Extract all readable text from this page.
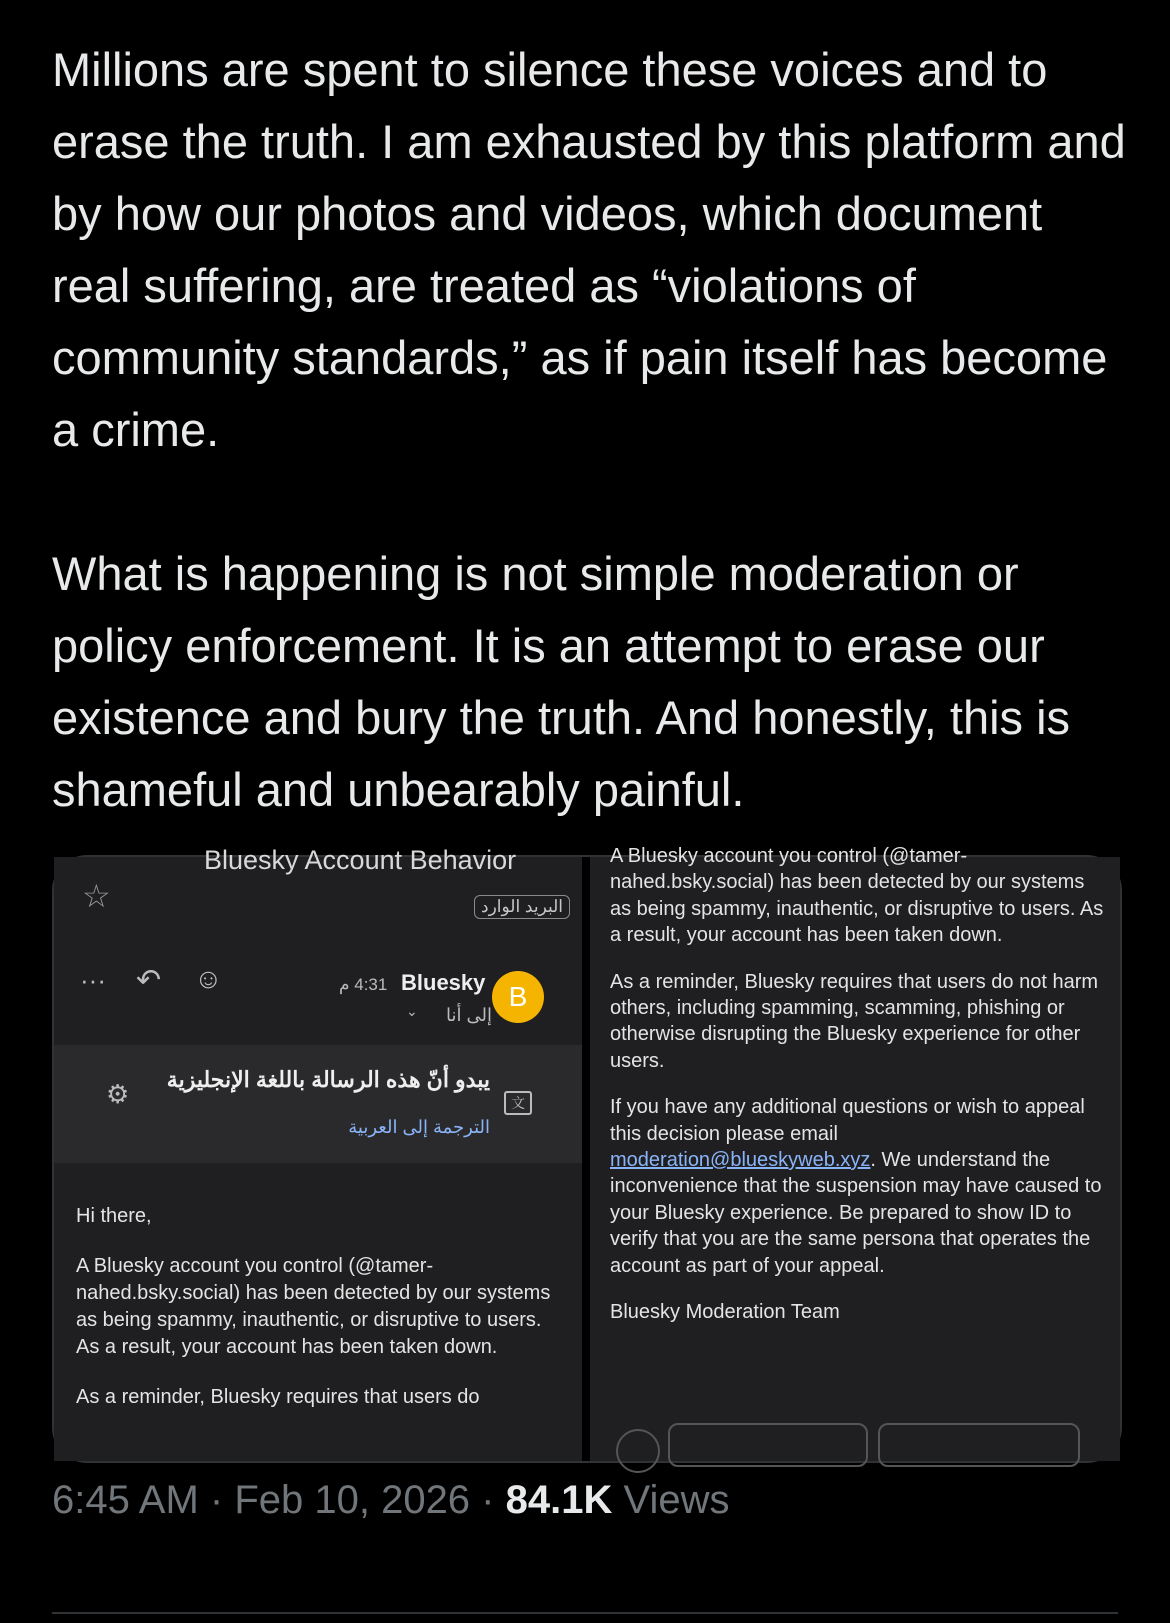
Millions are spent to silence these voices and to erase the truth. I am exhausted by this platform and by how our photos and videos, which document real suffering, are treated as “violations of community standards,” as if pain itself has become a crime.

What is happening is not simple moderation or policy enforcement. It is an attempt to erase our existence and bury the truth. And honestly, this is shameful and unbearably painful.

Bluesky Account Behavior
☆	البريد الوارد
··· ↶ ☺	4:31 م Bluesky
⌄ إلى أنا
B
⚙ يبدو أنّ هذه الرسالة باللغة الإنجليزية
الترجمة إلى العربية
文

Hi there,

A Bluesky account you control (@tamer-nahed.bsky.social) has been detected by our systems as being spammy, inauthentic, or disruptive to users. As a result, your account has been taken down.

As a reminder, Bluesky requires that users do

A Bluesky account you control (@tamer-nahed.bsky.social) has been detected by our systems as being spammy, inauthentic, or disruptive to users. As a result, your account has been taken down.

As a reminder, Bluesky requires that users do not harm others, including spamming, scamming, phishing or otherwise disrupting the Bluesky experience for other users.

If you have any additional questions or wish to appeal this decision please email moderation@blueskyweb.xyz. We understand the inconvenience that the suspension may have caused to your Bluesky experience. Be prepared to show ID to verify that you are the same persona that operates the account as part of your appeal.

Bluesky Moderation Team

6:45 AM · Feb 10, 2026 · 84.1K Views
